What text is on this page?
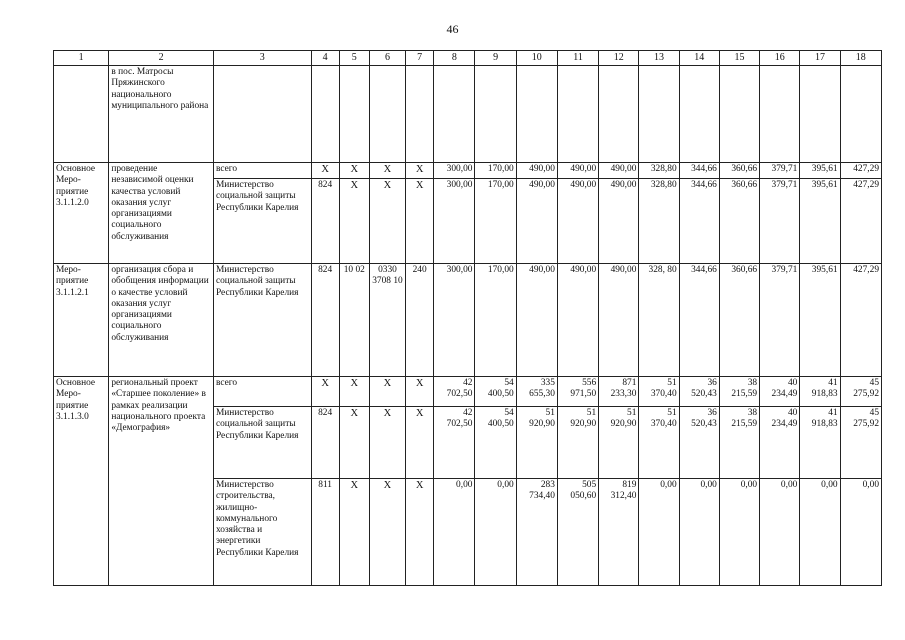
46
1	2	3	4	5	6	7	8	9	10	11	12	13	14	15	16	17	18
	в пос. Матросы Пряжинского национального муниципального района																
Основное Меро-приятие 3.1.1.2.0	проведение независимой оценки качества условий оказания услуг организациями социального обслуживания	всего	Х	Х	Х	Х	300,00	170,00	490,00	490,00	490,00	328,80	344,66	360,66	379,71	395,61	427,29
		Министерство социальной защиты Республики Карелия	824	Х	Х	Х	300,00	170,00	490,00	490,00	490,00	328,80	344,66	360,66	379,71	395,61	427,29
Меро-приятие 3.1.1.2.1	организация сбора и обобщения информации о качестве условий оказания услуг организациями социального обслуживания	Министерство социальной защиты Республики Карелия	824	10 02	0330 3708 10	240	300,00	170,00	490,00	490,00	490,00	328, 80	344,66	360,66	379,71	395,61	427,29
Основное Меро-приятие 3.1.1.3.0	региональный проект «Старшее поколение» в рамках реализации национального проекта «Демография»	всего	Х	Х	Х	Х	42 702,50	54 400,50	335 655,30	556 971,50	871 233,30	51 370,40	36 520,43	38 215,59	40 234,49	41 918,83	45 275,92
		Министерство социальной защиты Республики Карелия	824	Х	Х	Х	42 702,50	54 400,50	51 920,90	51 920,90	51 920,90	51 370,40	36 520,43	38 215,59	40 234,49	41 918,83	45 275,92
		Министерство строительства, жилищно-коммунального хозяйства и энергетики Республики Карелия	811	Х	Х	Х	0,00	0,00	283 734,40	505 050,60	819 312,40	0,00	0,00	0,00	0,00	0,00	0,00
